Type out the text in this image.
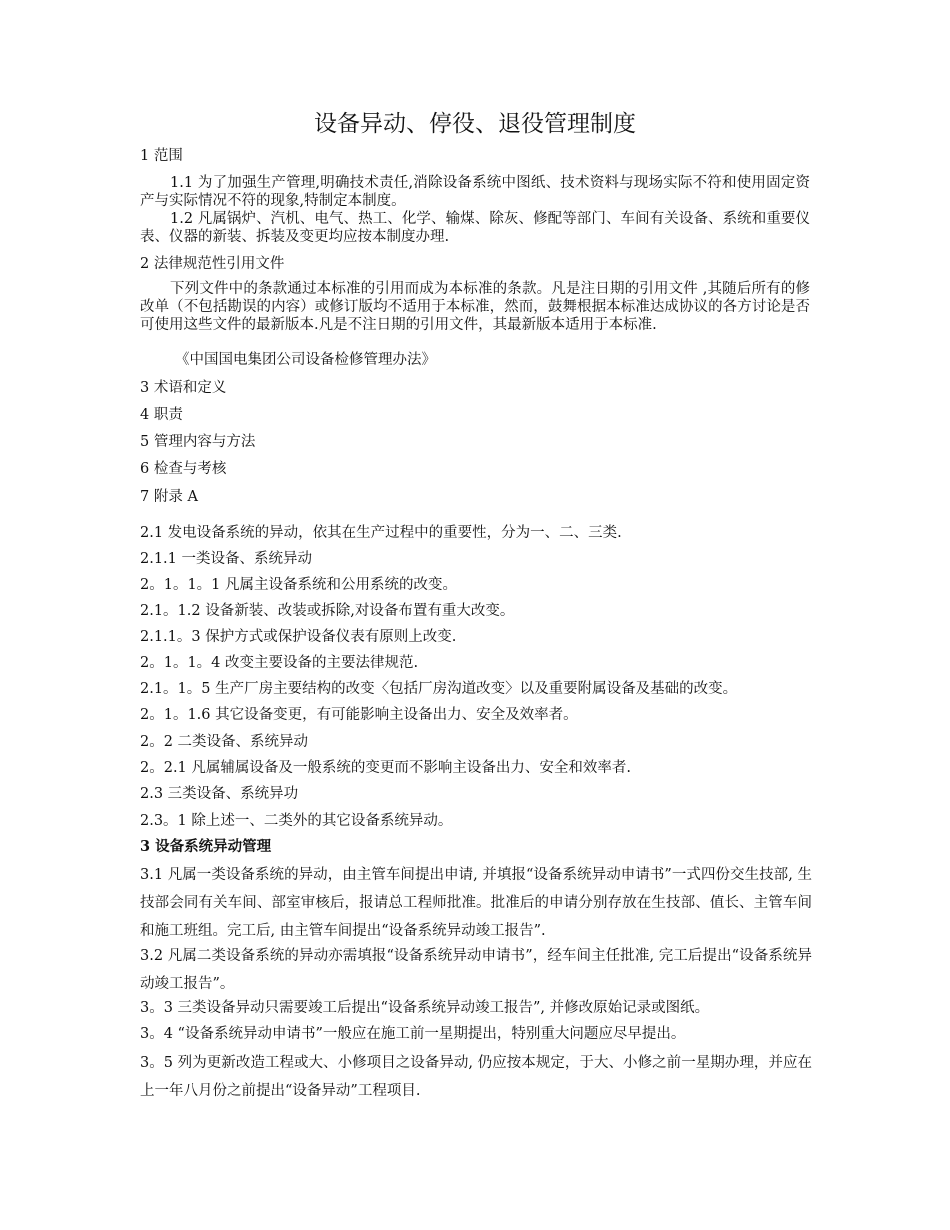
设备异动、停役、退役管理制度
1 范围
1.1 为了加强生产管理,明确技术责任,消除设备系统中图纸、技术资料与现场实际不符和使用固定资产与实际情况不符的现象,特制定本制度。
1.2 凡属锅炉、汽机、电气、热工、化学、输煤、除灰、修配等部门、车间有关设备、系统和重要仪表、仪器的新装、拆装及变更均应按本制度办理.
2 法律规范性引用文件
下列文件中的条款通过本标准的引用而成为本标准的条款。凡是注日期的引用文件 ,其随后所有的修改单（不包括勘误的内容）或修订版均不适用于本标准，然而，鼓舞根据本标准达成协议的各方讨论是否可使用这些文件的最新版本.凡是不注日期的引用文件，其最新版本适用于本标准.
《中国国电集团公司设备检修管理办法》
3 术语和定义
4 职责
5 管理内容与方法
6 检查与考核
7 附录 A
2.1 发电设备系统的异动，依其在生产过程中的重要性，分为一、二、三类.
2.1.1 一类设备、系统异动
2。1。1。1 凡属主设备系统和公用系统的改变。
2.1。1.2 设备新装、改装或拆除,对设备布置有重大改变。
2.1.1。3 保护方式或保护设备仪表有原则上改变.
2。1。1。4 改变主要设备的主要法律规范.
2.1。1。5 生产厂房主要结构的改变〈包括厂房沟道改变〉以及重要附属设备及基础的改变。
2。1。1.6 其它设备变更，有可能影响主设备出力、安全及效率者。
2。2 二类设备、系统异动
2。2.1 凡属辅属设备及一般系统的变更而不影响主设备出力、安全和效率者.
2.3 三类设备、系统异功
2.3。1 除上述一、二类外的其它设备系统异动。
3 设备系统异动管理
3.1 凡属一类设备系统的异动，由主管车间提出申请, 并填报“设备系统异动申请书”一式四份交生技部, 生技部会同有关车间、部室审核后，报请总工程师批准。批准后的申请分别存放在生技部、值长、主管车间和施工班组。完工后, 由主管车间提出“设备系统异动竣工报告”.
3.2 凡属二类设备系统的异动亦需填报“设备系统异动申请书”，经车间主任批准, 完工后提出“设备系统异动竣工报告”。
3。3 三类设备异动只需要竣工后提出“设备系统异动竣工报告”, 并修改原始记录或图纸。
3。4 “设备系统异动申请书”一般应在施工前一星期提出，特别重大问题应尽早提出。
3。5 列为更新改造工程或大、小修项目之设备异动, 仍应按本规定，于大、小修之前一星期办理，并应在上一年八月份之前提出“设备异动”工程项目.
